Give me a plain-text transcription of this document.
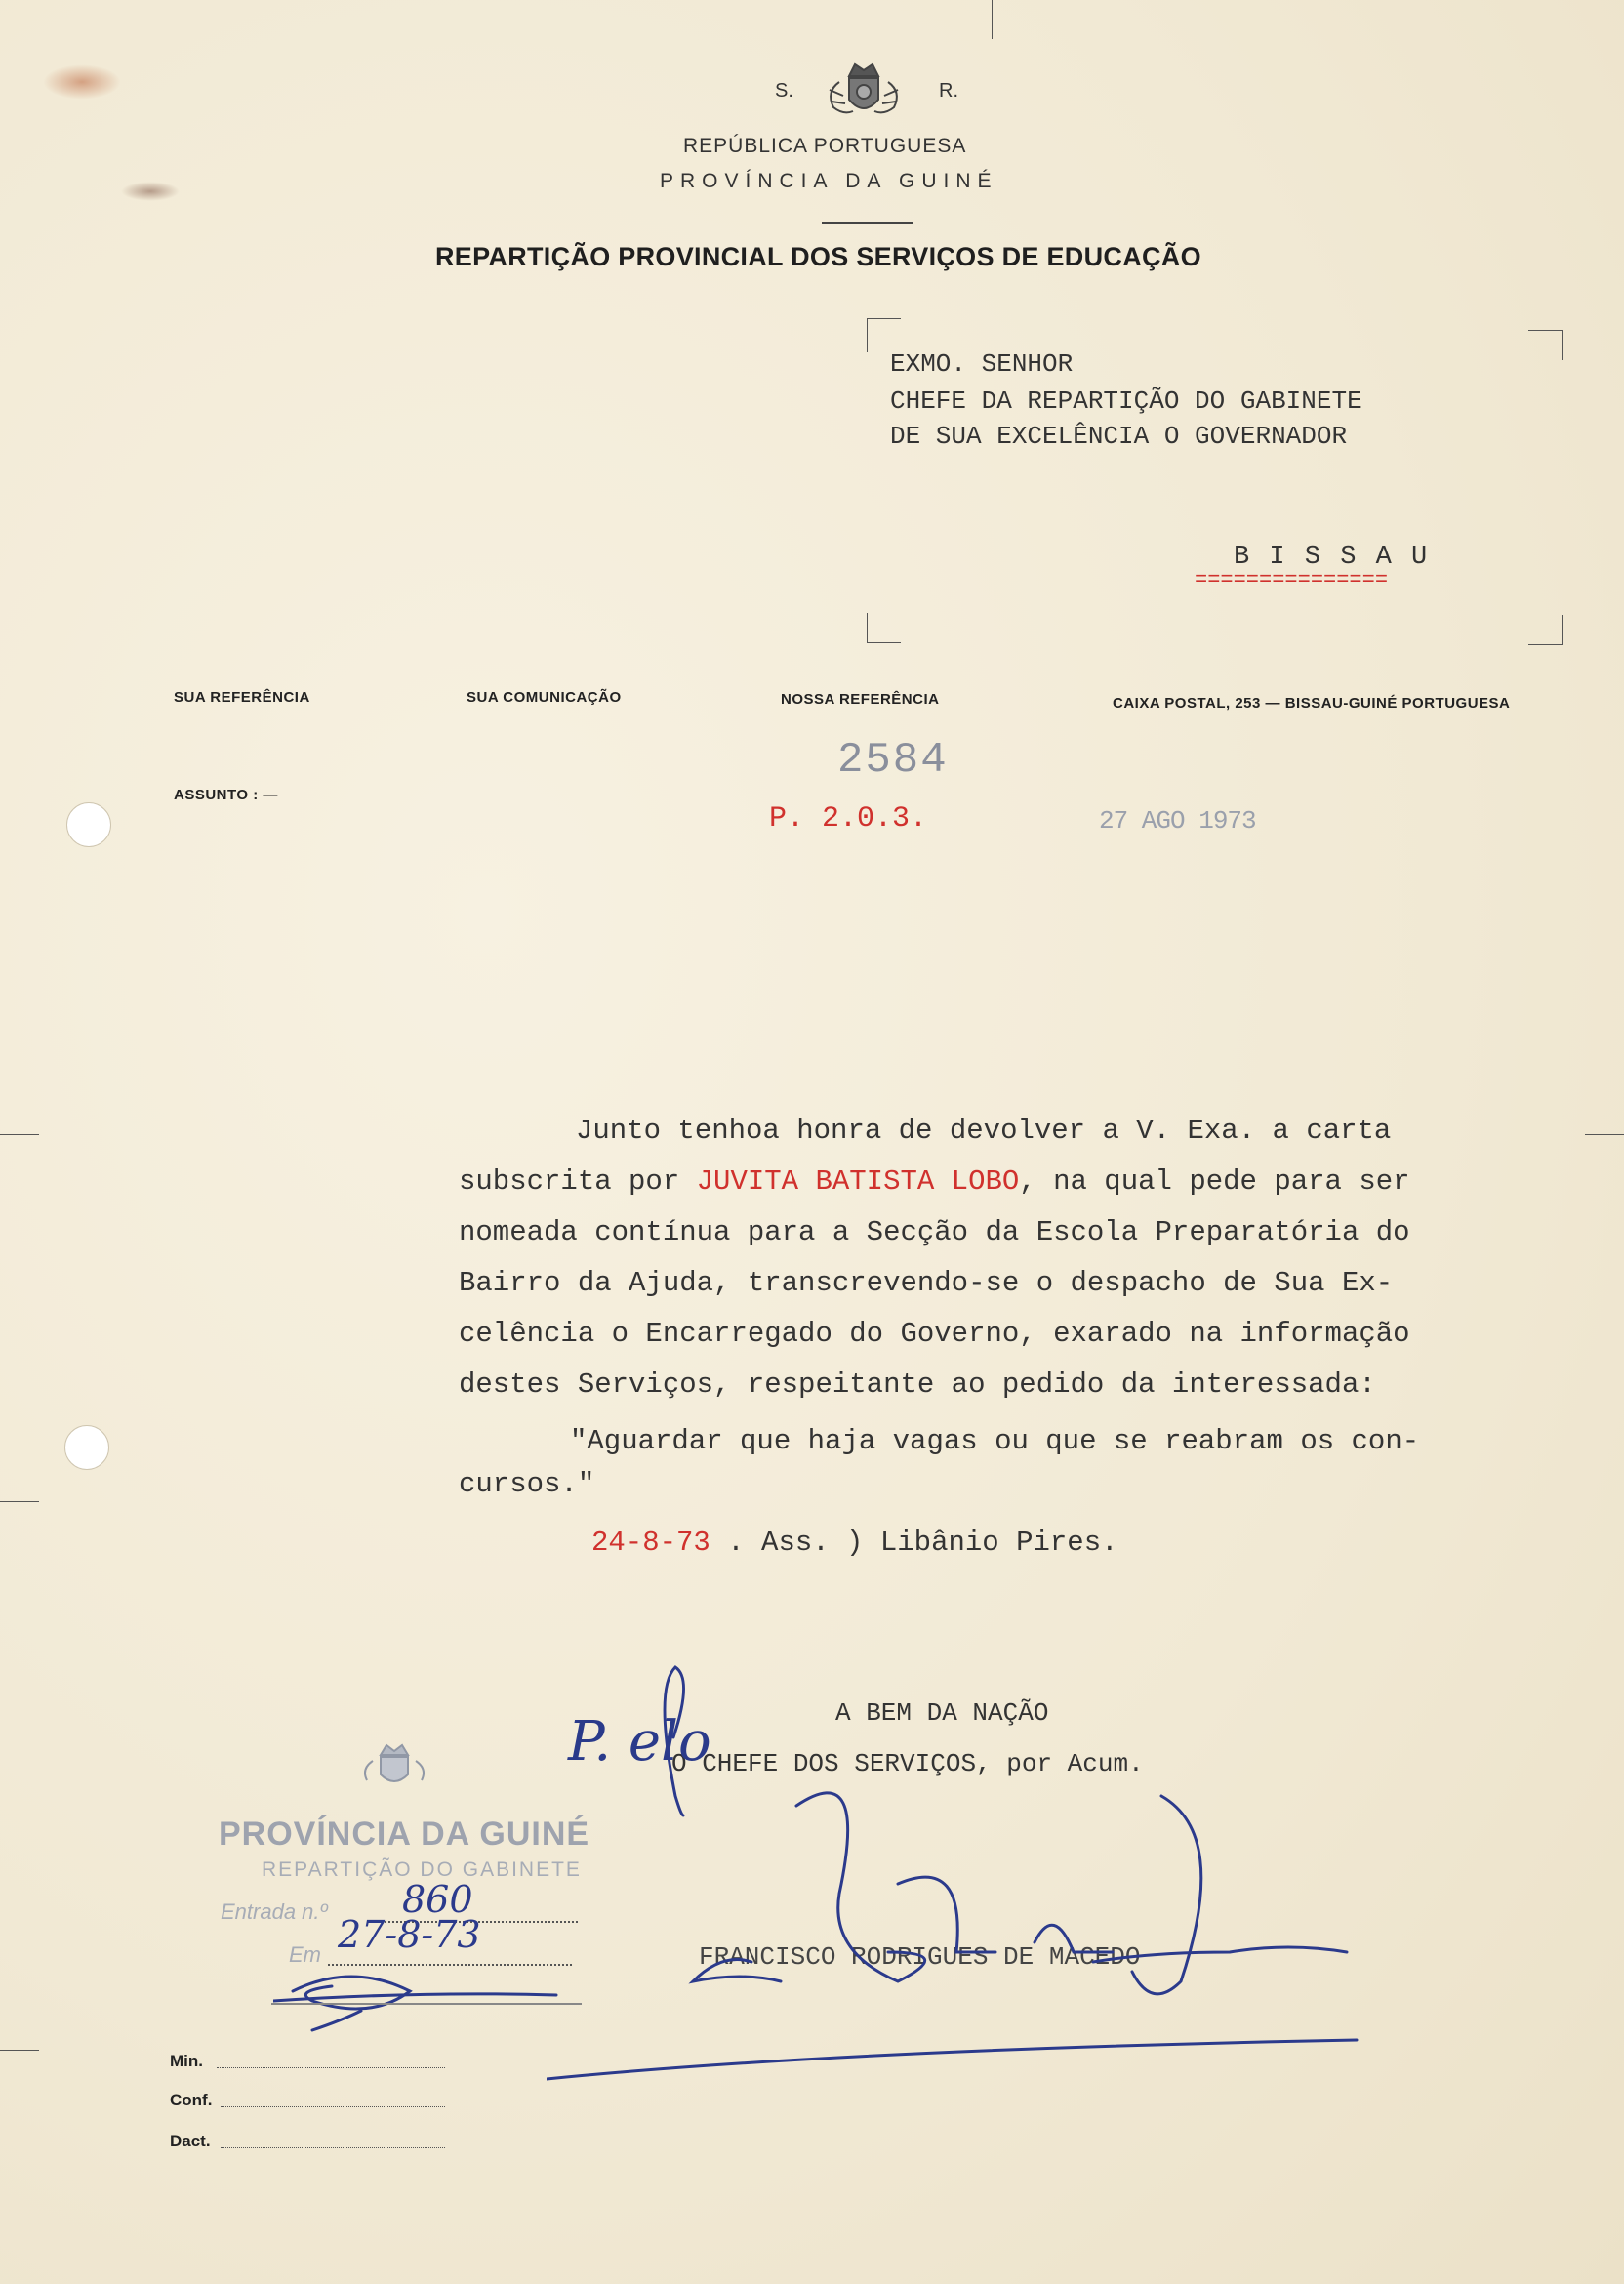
S.	R.
REPÚBLICA PORTUGUESA
PROVÍNCIA DA GUINÉ
REPARTIÇÃO PROVINCIAL DOS SERVIÇOS DE EDUCAÇÃO
EXMO. SENHOR
CHEFE DA REPARTIÇÃO DO GABINETE
DE SUA EXCELÊNCIA O GOVERNADOR
B I S S A U
===============
SUA REFERÊNCIA	SUA COMUNICAÇÃO	NOSSA REFERÊNCIA	CAIXA POSTAL, 253 — BISSAU-GUINÉ PORTUGUESA
ASSUNTO : —
2584
P. 2.0.3.	27 AGO 1973
Junto tenhoa honra de devolver a V. Exa. a carta
subscrita por JUVITA BATISTA LOBO, na qual pede para ser
nomeada contínua para a Secção da Escola Preparatória do
Bairro da Ajuda, transcrevendo-se o despacho de Sua Ex-
celência o Encarregado do Governo, exarado na informação
destes Serviços, respeitante ao pedido da interessada:
"Aguardar que haja vagas ou que se reabram os con-
cursos."
24-8-73 . Ass. ) Libânio Pires.
A BEM DA NAÇÃO
O CHEFE DOS SERVIÇOS, por Acum.
P. elo
FRANCISCO RODRIGUES DE MACEDO
PROVÍNCIA DA GUINÉ
REPARTIÇÃO DO GABINETE
Entrada n.º 860
Em 27-8-73
Min.
Conf.
Dact.
